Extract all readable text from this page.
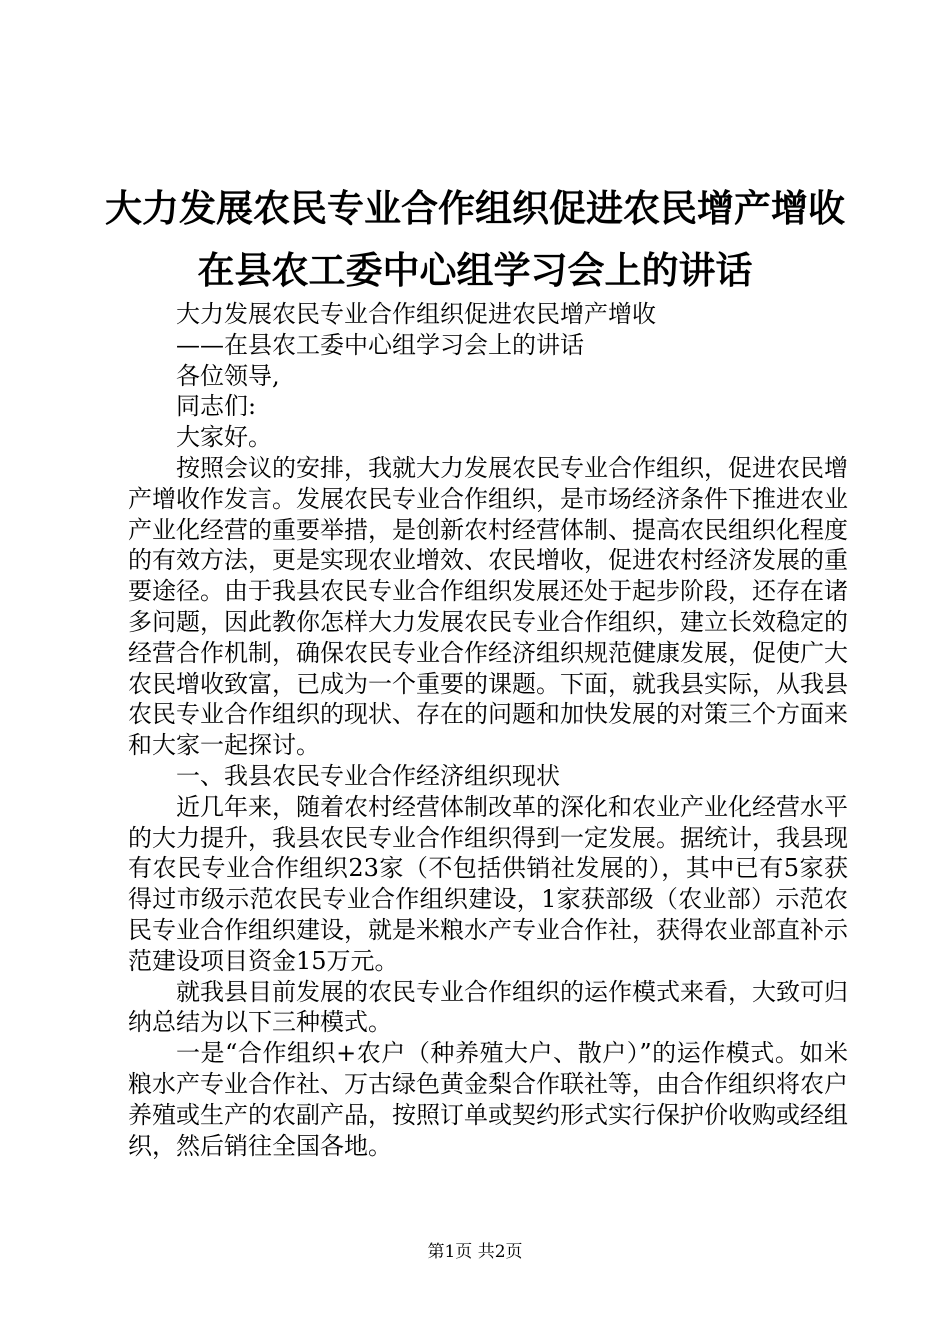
大力发展农民专业合作组织促进农民增产增收
在县农工委中心组学习会上的讲话

大力发展农民专业合作组织促进农民增产增收

——在县农工委中心组学习会上的讲话

各位领导,

同志们:

大家好。

按照会议的安排，我就大力发展农民专业合作组织，促进农民增产增收作发言。发展农民专业合作组织，是市场经济条件下推进农业产业化经营的重要举措，是创新农村经营体制、提高农民组织化程度的有效方法，更是实现农业增效、农民增收，促进农村经济发展的重要途径。由于我县农民专业合作组织发展还处于起步阶段，还存在诸多问题，因此教你怎样大力发展农民专业合作组织，建立长效稳定的经营合作机制，确保农民专业合作经济组织规范健康发展，促使广大农民增收致富，已成为一个重要的课题。下面，就我县实际，从我县农民专业合作组织的现状、存在的问题和加快发展的对策三个方面来和大家一起探讨。

一、我县农民专业合作经济组织现状

近几年来，随着农村经营体制改革的深化和农业产业化经营水平的大力提升，我县农民专业合作组织得到一定发展。据统计，我县现有农民专业合作组织23家（不包括供销社发展的），其中已有5家获得过市级示范农民专业合作组织建设，1家获部级（农业部）示范农民专业合作组织建设，就是米粮水产专业合作社，获得农业部直补示范建设项目资金15万元。

就我县目前发展的农民专业合作组织的运作模式来看，大致可归纳总结为以下三种模式。

一是“合作组织+农户（种养殖大户、散户）”的运作模式。如米粮水产专业合作社、万古绿色黄金梨合作联社等，由合作组织将农户养殖或生产的农副产品，按照订单或契约形式实行保护价收购或经组织，然后销往全国各地。

第1页 共2页
